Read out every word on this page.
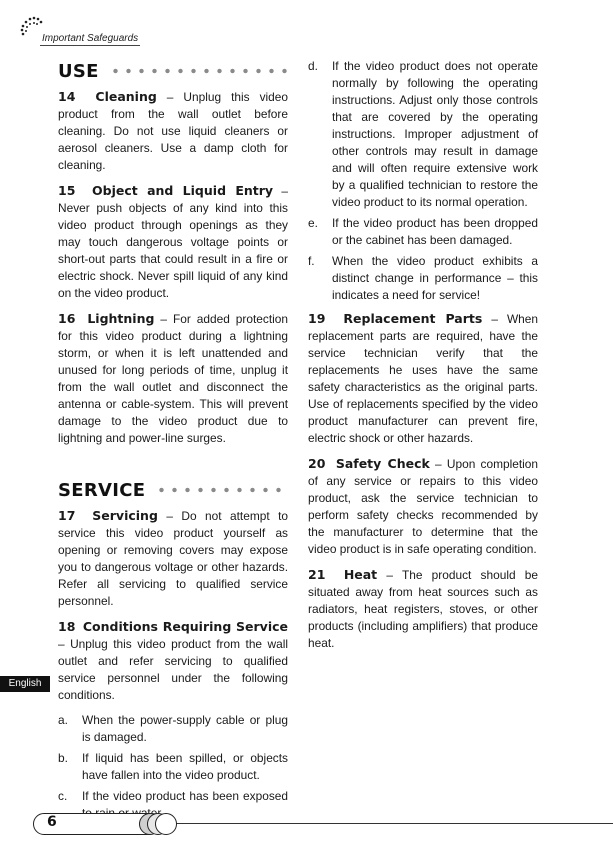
Important Safeguards
USE

14 Cleaning – Unplug this video product from the wall outlet before cleaning. Do not use liquid cleaners or aerosol cleaners. Use a damp cloth for cleaning.

15 Object and Liquid Entry – Never push objects of any kind into this video product through openings as they may touch dangerous voltage points or short-out parts that could result in a fire or electric shock. Never spill liquid of any kind on the video product.

16 Lightning – For added protection for this video product during a lightning storm, or when it is left unattended and unused for long periods of time, unplug it from the wall outlet and disconnect the antenna or cable-system. This will prevent damage to the video product due to lightning and power-line surges.

SERVICE

17 Servicing – Do not attempt to service this video product yourself as opening or removing covers may expose you to dangerous voltage or other hazards. Refer all servicing to qualified service personnel.

18 Conditions Requiring Service – Unplug this video product from the wall outlet and refer servicing to qualified service personnel under the following conditions.

a.	When the power-supply cable or plug is damaged.
b.	If liquid has been spilled, or objects have fallen into the video product.
c.	If the video product has been exposed
d.	If the video product does not operate normally by following the operating instructions. Adjust only those controls that are covered by the operating instructions. Improper adjustment of other controls may result in damage and will often require extensive work by a qualified technician to restore the video product to its normal operation.
e.	If the video product has been dropped or the cabinet has been damaged.
f.	When the video product exhibits a distinct change in performance – this indicates a need for service!

19 Replacement Parts – When replacement parts are required, have the service technician verify that the replacements he uses have the same safety characteristics as the original parts. Use of replacements specified by the video product manufacturer can prevent fire, electric shock or other hazards.

20 Safety Check – Upon completion of any service or repairs to this video product, ask the service technician to perform safety checks recommended by the manufacturer to determine that the video product is in safe operating condition.

21 Heat – The product should be situated away from heat sources such as radiators, heat registers, stoves, or other products (including amplifiers) that produce heat.

English
6
